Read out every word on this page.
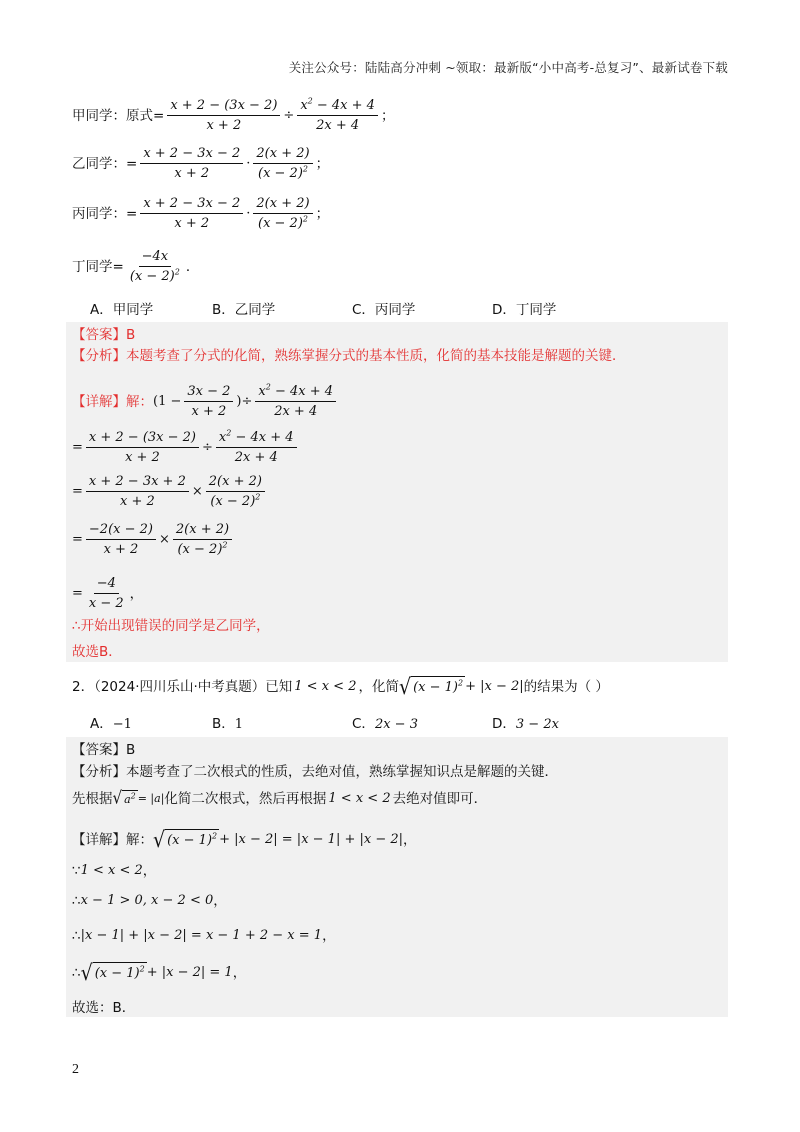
关注公众号：陆陆高分冲刺 ~领取：最新版“小中高考-总复习”、最新试卷下载
甲同学：原式= $\frac{x + 2 - (3x - 2)}{x + 2} \div \frac{x^2 - 4x + 4}{2x + 4}$ ；
乙同学：= $\frac{x + 2 - 3x - 2}{x + 2} \cdot \frac{2(x + 2)}{(x - 2)^2}$ ；
丙同学：= $\frac{x + 2 - 3x - 2}{x + 2} \cdot \frac{2(x + 2)}{(x - 2)^2}$ ；
丁同学= $\frac{-4x}{(x - 2)^2}$ ．
A．甲同学	B．乙同学	C．丙同学	D．丁同学
【答案】 B
【分析】 本题考查了分式的化简，熟练掌握分式的基本性质，化简的基本技能是解题的关键．
【详解】 解： ($1 - \frac{3x - 2}{x + 2}$ ) ÷ $\frac{x^2 - 4x + 4}{2x + 4}$
= $\frac{x + 2 - (3x - 2)}{x + 2} \div \frac{x^2 - 4x + 4}{2x + 4}$
= $\frac{x + 2 - 3x + 2}{x + 2} \times \frac{2(x + 2)}{(x - 2)^2}$
= $\frac{-2(x - 2)}{x + 2} \times \frac{2(x + 2)}{(x - 2)^2}$
= $\frac{-4}{x - 2}$ ，
∴开始出现错误的同学是乙同学，
故选B．
2．（2024·四川乐山·中考真题）已知 1 < x < 2 ，化简 √ $(x - 1)^2 + |x - 2|$ 的结果为（ ）
A．−1	B．1	C．2x − 3	D．3 − 2x
【答案】 B
【分析】 本题考查了二次根式的性质，去绝对值，熟练掌握知识点是解题的关键．
先根据 √ $a^2 = |a|$ 化简二次根式，然后再根据 1 < x < 2 去绝对值即可．
【详解】 解： √ $(x - 1)^2 + |x - 2| = |x - 1| + |x - 2|$ ，
∵ 1 < x < 2 ，
∴ x − 1 > 0, x − 2 < 0 ，
∴ |x − 1| + |x − 2| = x − 1 + 2 − x = 1 ，
∴ √ $(x - 1)^2 + |x - 2| = 1$ ，
故选：B．
2
